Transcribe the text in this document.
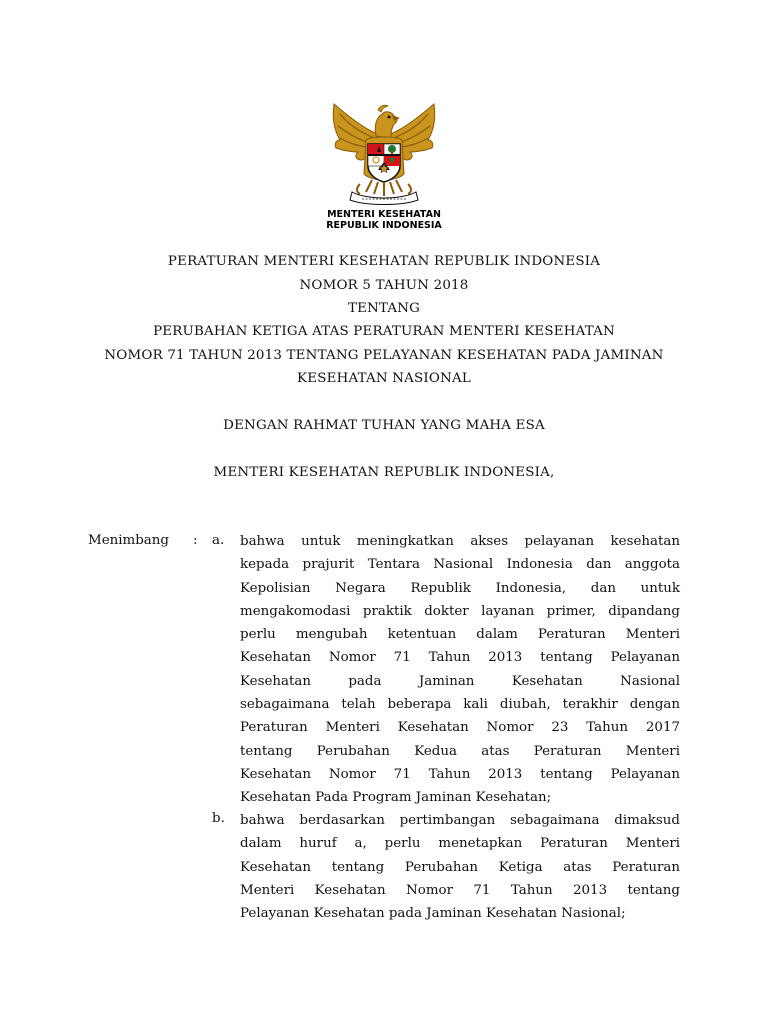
MENTERI KESEHATAN
REPUBLIK INDONESIA
PERATURAN MENTERI KESEHATAN REPUBLIK INDONESIA
NOMOR 5 TAHUN 2018
TENTANG
PERUBAHAN KETIGA ATAS PERATURAN MENTERI KESEHATAN
NOMOR 71 TAHUN 2013 TENTANG PELAYANAN KESEHATAN PADA JAMINAN
KESEHATAN NASIONAL
DENGAN RAHMAT TUHAN YANG MAHA ESA
MENTERI KESEHATAN REPUBLIK INDONESIA,
Menimbang : a. bahwa untuk meningkatkan akses pelayanan kesehatan
kepada prajurit Tentara Nasional Indonesia dan anggota
Kepolisian Negara Republik Indonesia, dan untuk
mengakomodasi praktik dokter layanan primer, dipandang
perlu mengubah ketentuan dalam Peraturan Menteri
Kesehatan Nomor 71 Tahun 2013 tentang Pelayanan
Kesehatan pada Jaminan Kesehatan Nasional
sebagaimana telah beberapa kali diubah, terakhir dengan
Peraturan Menteri Kesehatan Nomor 23 Tahun 2017
tentang Perubahan Kedua atas Peraturan Menteri
Kesehatan Nomor 71 Tahun 2013 tentang Pelayanan
Kesehatan Pada Program Jaminan Kesehatan;
b. bahwa berdasarkan pertimbangan sebagaimana dimaksud
dalam huruf a, perlu menetapkan Peraturan Menteri
Kesehatan tentang Perubahan Ketiga atas Peraturan
Menteri Kesehatan Nomor 71 Tahun 2013 tentang
Pelayanan Kesehatan pada Jaminan Kesehatan Nasional;
